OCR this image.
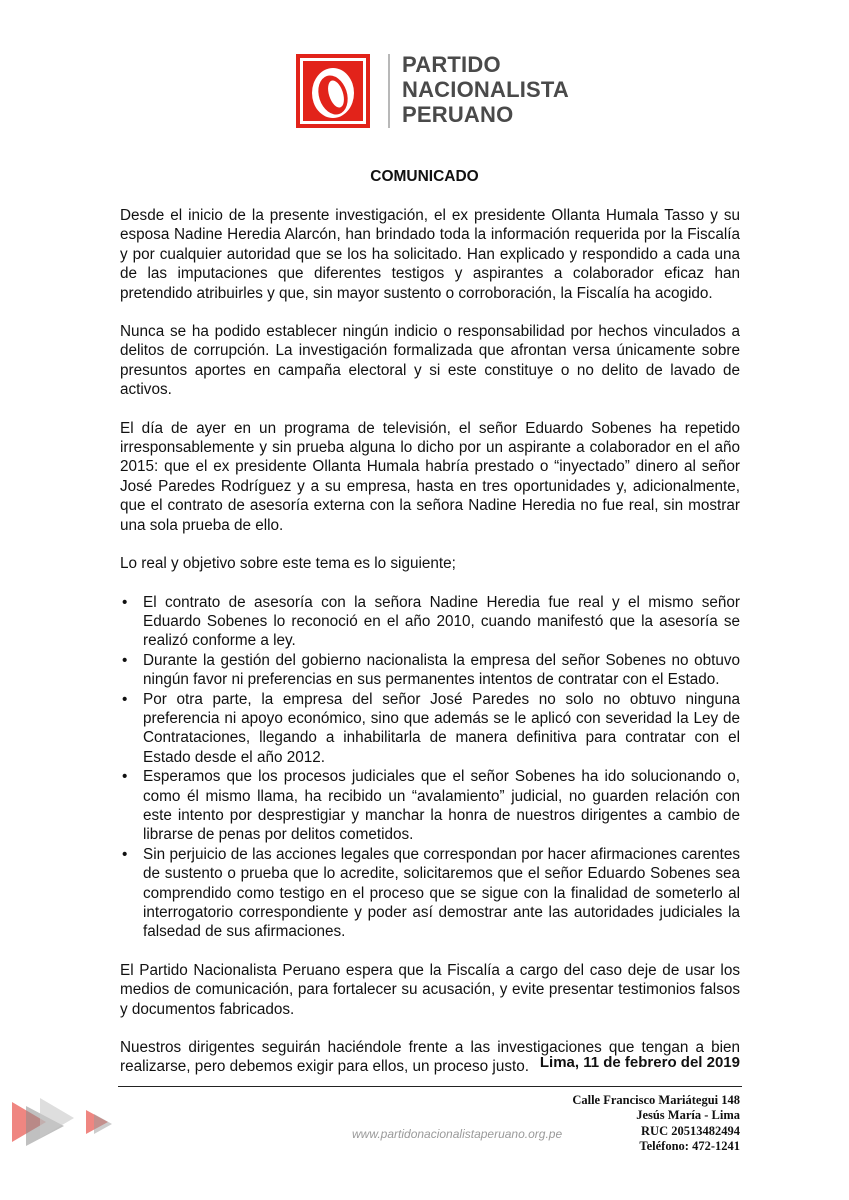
PARTIDO
NACIONALISTA
PERUANO
COMUNICADO

Desde el inicio de la presente investigación, el ex presidente Ollanta Humala Tasso y su esposa Nadine Heredia Alarcón, han brindado toda la información requerida por la Fiscalía y por cualquier autoridad que se los ha solicitado. Han explicado y respondido a cada una de las imputaciones que diferentes testigos y aspirantes a colaborador eficaz han pretendido atribuirles y que, sin mayor sustento o corroboración, la Fiscalía ha acogido.

Nunca se ha podido establecer ningún indicio o responsabilidad por hechos vinculados a delitos de corrupción. La investigación formalizada que afrontan versa únicamente sobre presuntos aportes en campaña electoral y si este constituye o no delito de lavado de activos.

El día de ayer en un programa de televisión, el señor Eduardo Sobenes ha repetido irresponsablemente y sin prueba alguna lo dicho por un aspirante a colaborador en el año 2015: que el ex presidente Ollanta Humala habría prestado o “inyectado” dinero al señor José Paredes Rodríguez y a su empresa, hasta en tres oportunidades y, adicionalmente, que el contrato de asesoría externa con la señora Nadine Heredia no fue real, sin mostrar una sola prueba de ello.

Lo real y objetivo sobre este tema es lo siguiente;

• El contrato de asesoría con la señora Nadine Heredia fue real y el mismo señor Eduardo Sobenes lo reconoció en el año 2010, cuando manifestó que la asesoría se realizó conforme a ley.
• Durante la gestión del gobierno nacionalista la empresa del señor Sobenes no obtuvo ningún favor ni preferencias en sus permanentes intentos de contratar con el Estado.
• Por otra parte, la empresa del señor José Paredes no solo no obtuvo ninguna preferencia ni apoyo económico, sino que además se le aplicó con severidad la Ley de Contrataciones, llegando a inhabilitarla de manera definitiva para contratar con el Estado desde el año 2012.
• Esperamos que los procesos judiciales que el señor Sobenes ha ido solucionando o, como él mismo llama, ha recibido un “avalamiento” judicial, no guarden relación con este intento por desprestigiar y manchar la honra de nuestros dirigentes a cambio de librarse de penas por delitos cometidos.
• Sin perjuicio de las acciones legales que correspondan por hacer afirmaciones carentes de sustento o prueba que lo acredite, solicitaremos que el señor Eduardo Sobenes sea comprendido como testigo en el proceso que se sigue con la finalidad de someterlo al interrogatorio correspondiente y poder así demostrar ante las autoridades judiciales la falsedad de sus afirmaciones.

El Partido Nacionalista Peruano espera que la Fiscalía a cargo del caso deje de usar los medios de comunicación, para fortalecer su acusación, y evite presentar testimonios falsos y documentos fabricados.

Nuestros dirigentes seguirán haciéndole frente a las investigaciones que tengan a bien realizarse, pero debemos exigir para ellos, un proceso justo. Lima, 11 de febrero del 2019
www.partidonacionalistaperuano.org.pe
Calle Francisco Mariátegui 148
Jesús María - Lima
RUC 20513482494
Teléfono: 472-1241
